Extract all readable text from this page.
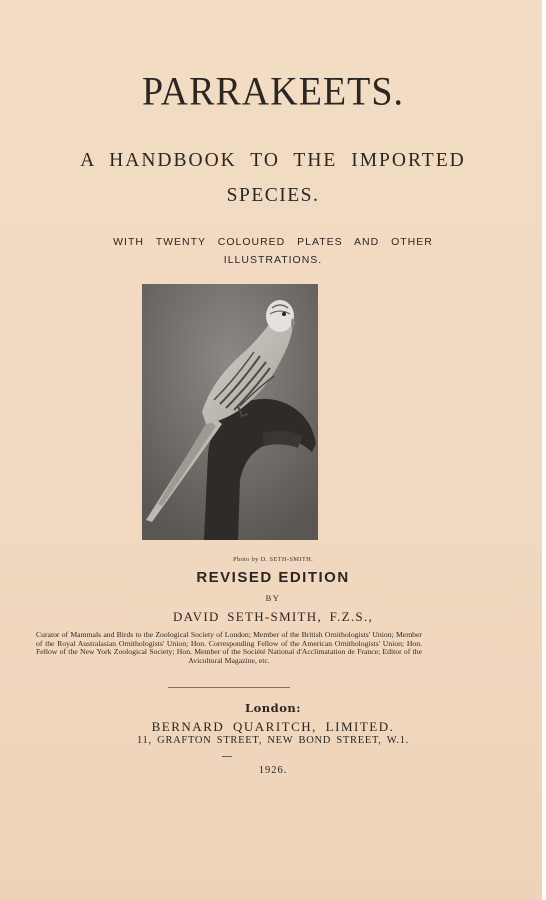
PARRAKEETS.
A HANDBOOK TO THE IMPORTED
SPECIES.
WITH TWENTY COLOURED PLATES AND OTHER
ILLUSTRATIONS.
Photo by D. SETH-SMITH.
REVISED EDITION
BY
DAVID SETH-SMITH, F.Z.S.,
Curator of Mammals and Birds to the Zoological Society of London; Member of the British Ornithologists' Union; Member of the Royal Australasian Ornithologists' Union; Hon. Corresponding Fellow of the American Ornithologists' Union; Hon. Fellow of the New York Zoological Society; Hon. Member of the Société National d'Acclimatation de France; Editor of the Avicultural Magazine, etc.
London:
BERNARD QUARITCH, LIMITED.
11, GRAFTON STREET, NEW BOND STREET, W.1.
1926.
